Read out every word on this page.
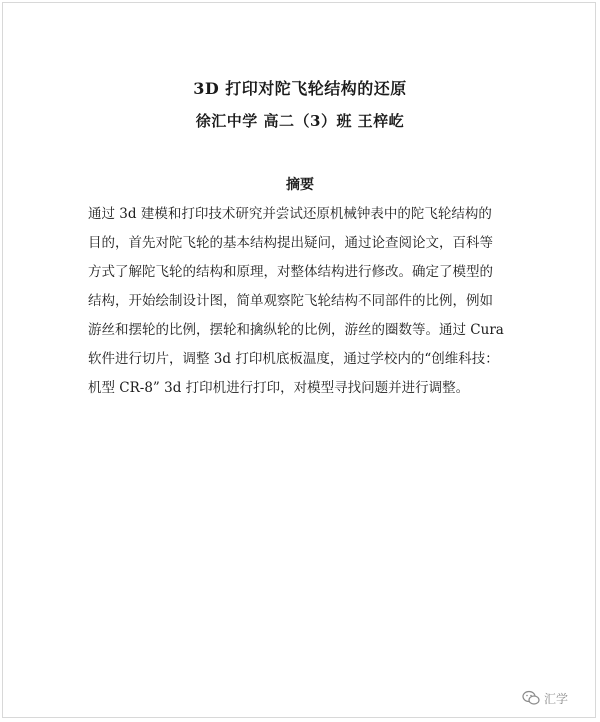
3D 打印对陀飞轮结构的还原
徐汇中学 高二（3）班 王梓屹
摘要
通过 3d 建模和打印技术研究并尝试还原机械钟表中的陀飞轮结构的
目的，首先对陀飞轮的基本结构提出疑问，通过论查阅论文，百科等
方式了解陀飞轮的结构和原理，对整体结构进行修改。确定了模型的
结构，开始绘制设计图，简单观察陀飞轮结构不同部件的比例，例如
游丝和摆轮的比例，摆轮和擒纵轮的比例，游丝的圈数等。通过 Cura
软件进行切片，调整 3d 打印机底板温度，通过学校内的“创维科技：
机型 CR-8” 3d 打印机进行打印，对模型寻找问题并进行调整。
汇学
